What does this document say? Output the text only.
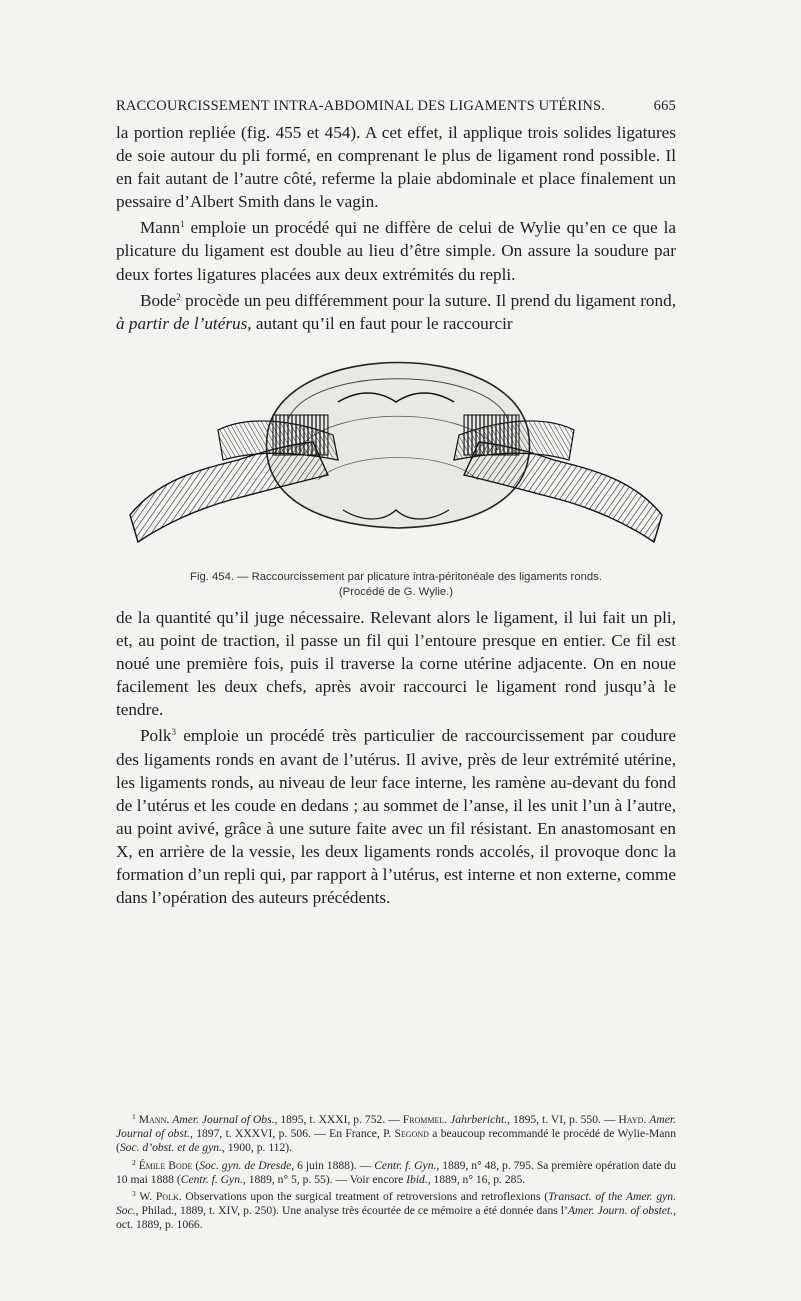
RACCOURCISSEMENT INTRA-ABDOMINAL DES LIGAMENTS UTÉRINS.	665

la portion repliée (fig. 455 et 454). A cet effet, il applique trois solides ligatures de soie autour du pli formé, en comprenant le plus de ligament rond possible. Il en fait autant de l’autre côté, referme la plaie abdominale et place finalement un pessaire d’Albert Smith dans le vagin.

Mann$^1$ emploie un procédé qui ne diffère de celui de Wylie qu’en ce que la plicature du ligament est double au lieu d’être simple. On assure la soudure par deux fortes ligatures placées aux deux extrémités du repli.

Bode$^2$ procède un peu différemment pour la suture. Il prend du ligament rond, à partir de l’utérus, autant qu’il en faut pour le raccourcir

Fig. 454. — Raccourcissement par plicature intra-péritonéale des ligaments ronds.
(Procédé de G. Wylie.)

de la quantité qu’il juge nécessaire. Relevant alors le ligament, il lui fait un pli, et, au point de traction, il passe un fil qui l’entoure presque en entier. Ce fil est noué une première fois, puis il traverse la corne utérine adjacente. On en noue facilement les deux chefs, après avoir raccourci le ligament rond jusqu’à le tendre.

Polk$^3$ emploie un procédé très particulier de raccourcissement par coudure des ligaments ronds en avant de l’utérus. Il avive, près de leur extrémité utérine, les ligaments ronds, au niveau de leur face interne, les ramène au-devant du fond de l’utérus et les coude en dedans ; au sommet de l’anse, il les unit l’un à l’autre, au point avivé, grâce à une suture faite avec un fil résistant. En anastomosant en X, en arrière de la vessie, les deux ligaments ronds accolés, il provoque donc la formation d’un repli qui, par rapport à l’utérus, est interne et non externe, comme dans l’opération des auteurs précédents.

$^1$ Mann. Amer. Journal of Obs., 1895, t. XXXI, p. 752. — Frommel. Jahrbericht., 1895, t. VI, p. 550. — Hayd. Amer. Journal of obst., 1897, t. XXXVI, p. 506. — En France, P. Segond a beaucoup recommandé le procédé de Wylie-Mann (Soc. d’obst. et de gyn., 1900, p. 112).

$^2$ Émile Bode (Soc. gyn. de Dresde, 6 juin 1888). — Centr. f. Gyn., 1889, n° 48, p. 795. Sa première opération date du 10 mai 1888 (Centr. f. Gyn., 1889, n° 5, p. 55). — Voir encore Ibid., 1889, n° 16, p. 285.

$^3$ W. Polk. Observations upon the surgical treatment of retroversions and retroflexions (Transact. of the Amer. gyn. Soc., Philad., 1889, t. XIV, p. 250). Une analyse très écourtée de ce mémoire a été donnée dans l’Amer. Journ. of obstet., oct. 1889, p. 1066.
